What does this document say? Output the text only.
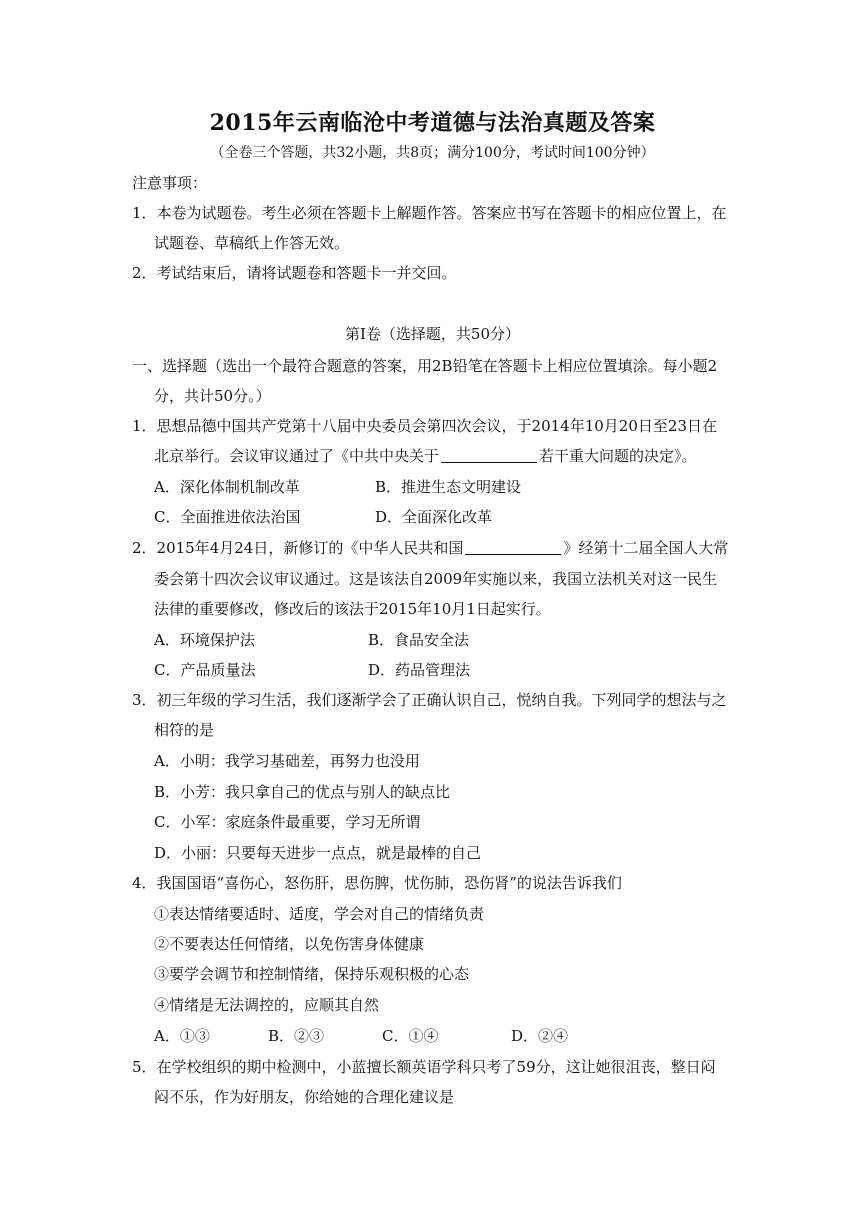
2015年云南临沧中考道德与法治真题及答案
（全卷三个答题，共32小题，共8页；满分100分，考试时间100分钟）
注意事项：
1．本卷为试题卷。考生必须在答题卡上解题作答。答案应书写在答题卡的相应位置上，在
试题卷、草稿纸上作答无效。
2．考试结束后，请将试题卷和答题卡一并交回。
第Ⅰ卷（选择题，共50分）
一、选择题（选出一个最符合题意的答案，用2B铅笔在答题卡上相应位置填涂。每小题2
分，共计50分。）
1．思想品德中国共产党第十八届中央委员会第四次会议，于2014年10月20日至23日在
北京举行。会议审议通过了《中共中央关于	若干重大问题的决定》。
A．深化体制机制改革	B．推进生态文明建设
C．全面推进依法治国	D．全面深化改革
2．2015年4月24日，新修订的《中华人民共和国	》经第十二届全国人大常
委会第十四次会议审议通过。这是该法自2009年实施以来，我国立法机关对这一民生
法律的重要修改，修改后的该法于2015年10月1日起实行。
A．环境保护法	B．食品安全法
C．产品质量法	D．药品管理法
3．初三年级的学习生活，我们逐渐学会了正确认识自己，悦纳自我。下列同学的想法与之
相符的是
A．小明：我学习基础差，再努力也没用
B．小芳：我只拿自己的优点与别人的缺点比
C．小军：家庭条件最重要，学习无所谓
D．小丽：只要每天进步一点点，就是最棒的自己
4．我国国语“喜伤心，怒伤肝，思伤脾，忧伤肺，恐伤肾”的说法告诉我们
①表达情绪要适时、适度，学会对自己的情绪负责
②不要表达任何情绪，以免伤害身体健康
③要学会调节和控制情绪，保持乐观积极的心态
④情绪是无法调控的，应顺其自然
A．①③	B．②③	C．①④	D．②④
5．在学校组织的期中检测中，小蓝擅长额英语学科只考了59分，这让她很沮丧，整日闷
闷不乐，作为好朋友，你给她的合理化建议是
